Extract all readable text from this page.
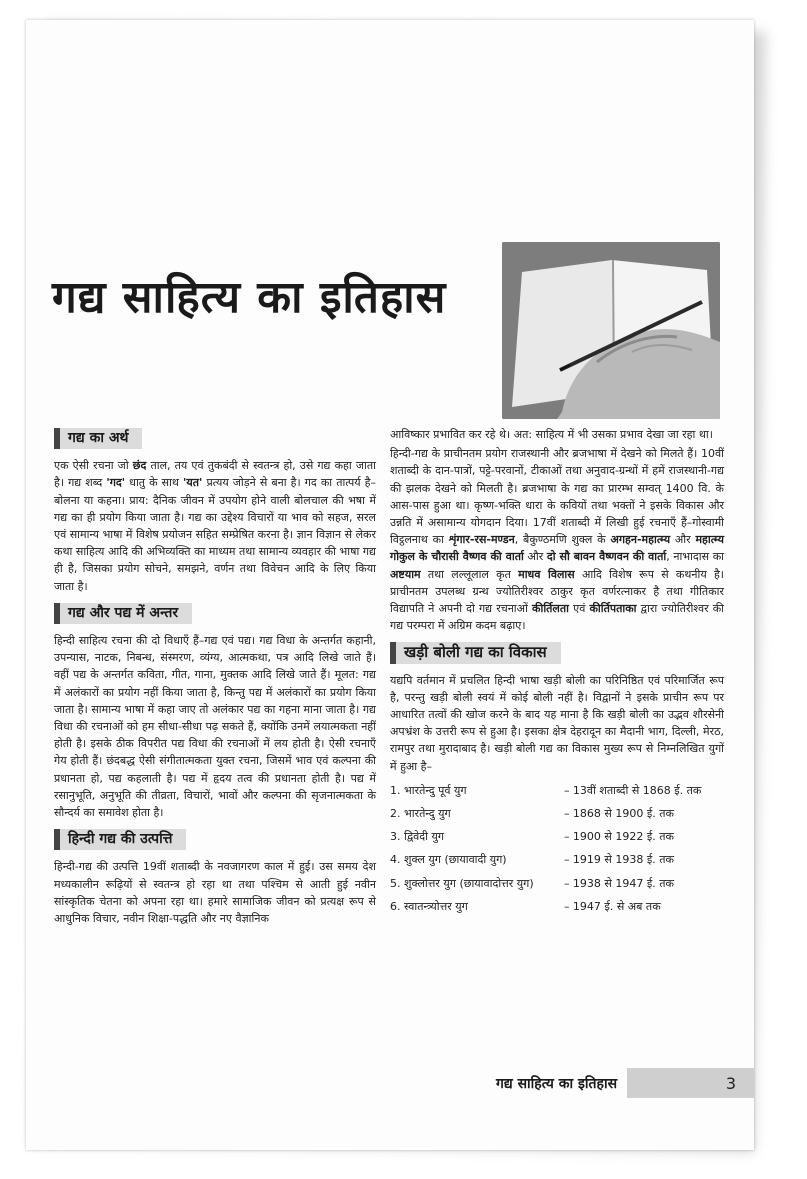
गद्य साहित्य का इतिहास
गद्य का अर्थ

एक ऐसी रचना जो छंद ताल, तय एवं तुकबंदी से स्वतन्त्र हो, उसे गद्य कहा जाता है। गद्य शब्द 'गद' धातु के साथ 'यत' प्रत्यय जोड़ने से बना है। गद का तात्पर्य है–बोलना या कहना। प्राय: दैनिक जीवन में उपयोग होने वाली बोलचाल की भषा में गद्य का ही प्रयोग किया जाता है। गद्य का उद्देश्य विचारों या भाव को सहज, सरल एवं सामान्य भाषा में विशेष प्रयोजन सहित सम्प्रेषित करना है। ज्ञान विज्ञान से लेकर कथा साहित्य आदि की अभिव्यक्ति का माध्यम तथा सामान्य व्यवहार की भाषा गद्य ही है, जिसका प्रयोग सोचने, समझने, वर्णन तथा विवेचन आदि के लिए किया जाता है।

गद्य और पद्य में अन्तर

हिन्दी साहित्य रचना की दो विधाएँ हैं–गद्य एवं पद्य। गद्य विधा के अन्तर्गत कहानी, उपन्यास, नाटक, निबन्ध, संस्मरण, व्यंग्य, आत्मकथा, पत्र आदि लिखे जाते हैं। वहीं पद्य के अन्तर्गत कविता, गीत, गाना, मुक्तक आदि लिखे जाते हैं। मूलत: गद्य में अलंकारों का प्रयोग नहीं किया जाता है, किन्तु पद्य में अलंकारों का प्रयोग किया जाता है। सामान्य भाषा में कहा जाए तो अलंकार पद्य का गहना माना जाता है। गद्य विधा की रचनाओं को हम सीधा-सीधा पढ़ सकते हैं, क्योंकि उनमें लयात्मकता नहीं होती है। इसके ठीक विपरीत पद्य विधा की रचनाओं में लय होती है। ऐसी रचनाएँ गेय होती हैं। छंदबद्ध ऐसी संगीतात्मकता युक्त रचना, जिसमें भाव एवं कल्पना की प्रधानता हो, पद्य कहलाती है। पद्य में हृदय तत्व की प्रधानता होती है। पद्य में रसानुभूति, अनुभूति की तीव्रता, विचारों, भावों और कल्पना की सृजनात्मकता के सौन्दर्य का समावेश होता है।

हिन्दी गद्य की उत्पत्ति

हिन्दी-गद्य की उत्पत्ति 19वीं शताब्दी के नवजागरण काल में हुई। उस समय देश मध्यकालीन रूढ़ियों से स्वतन्त्र हो रहा था तथा पश्चिम से आती हुई नवीन सांस्कृतिक चेतना को अपना रहा था। हमारे सामाजिक जीवन को प्रत्यक्ष रूप से आधुनिक विचार, नवीन शिक्षा-पद्धति और नए वैज्ञानिक

आविष्कार प्रभावित कर रहे थे। अत: साहित्य में भी उसका प्रभाव देखा जा रहा था।

हिन्दी-गद्य के प्राचीनतम प्रयोग राजस्थानी और ब्रजभाषा में देखने को मिलते हैं। 10वीं शताब्दी के दान-पात्रों, पट्टे-परवानों, टीकाओं तथा अनुवाद-ग्रन्थों में हमें राजस्थानी-गद्य की झलक देखने को मिलती है। ब्रजभाषा के गद्य का प्रारम्भ सम्वत् 1400 वि. के आस-पास हुआ था। कृष्ण-भक्ति धारा के कवियों तथा भक्तों ने इसके विकास और उन्नति में असामान्य योगदान दिया। 17वीं शताब्दी में लिखी हुई रचनाएँ हैं–गोस्वामी विट्ठलनाथ का शृंगार-रस-मण्डन, बैकुण्ठमणि शुक्ल के अगहन-महात्म्य और महात्म्य गोकुल के चौरासी वैष्णव की वार्ता और दो सौ बावन वैष्णवन की वार्ता, नाभादास का अष्टयाम तथा लल्लूलाल कृत माधव विलास आदि विशेष रूप से कथनीय है। प्राचीनतम उपलब्ध ग्रन्थ ज्योतिरीश्वर ठाकुर कृत वर्णरत्नाकर है तथा गीतिकार विद्यापति ने अपनी दो गद्य रचनाओं कीर्तिलता एवं कीर्तिपताका द्वारा ज्योतिरीश्वर की गद्य परम्परा में अग्रिम कदम बढ़ाए।

खड़ी बोली गद्य का विकास

यद्यपि वर्तमान में प्रचलित हिन्दी भाषा खड़ी बोली का परिनिष्ठित एवं परिमार्जित रूप है, परन्तु खड़ी बोली स्वयं में कोई बोली नहीं है। विद्वानों ने इसके प्राचीन रूप पर आधारित तत्वों की खोज करने के बाद यह माना है कि खड़ी बोली का उद्भव शौरसेनी अपभ्रंश के उत्तरी रूप से हुआ है। इसका क्षेत्र देहरादून का मैदानी भाग, दिल्ली, मेरठ, रामपुर तथा मुरादाबाद है। खड़ी बोली गद्य का विकास मुख्य रूप से निम्नलिखित युगों में हुआ है–

1. भारतेन्दु पूर्व युग	– 13वीं शताब्दी से 1868 ई. तक
2. भारतेन्दु युग	– 1868 से 1900 ई. तक
3. द्विवेदी युग	– 1900 से 1922 ई. तक
4. शुक्ल युग (छायावादी युग)	– 1919 से 1938 ई. तक
5. शुक्लोत्तर युग (छायावादोत्तर युग)	– 1938 से 1947 ई. तक
6. स्वातन्त्र्योत्तर युग	– 1947 ई. से अब तक
गद्य साहित्य का इतिहास	3
